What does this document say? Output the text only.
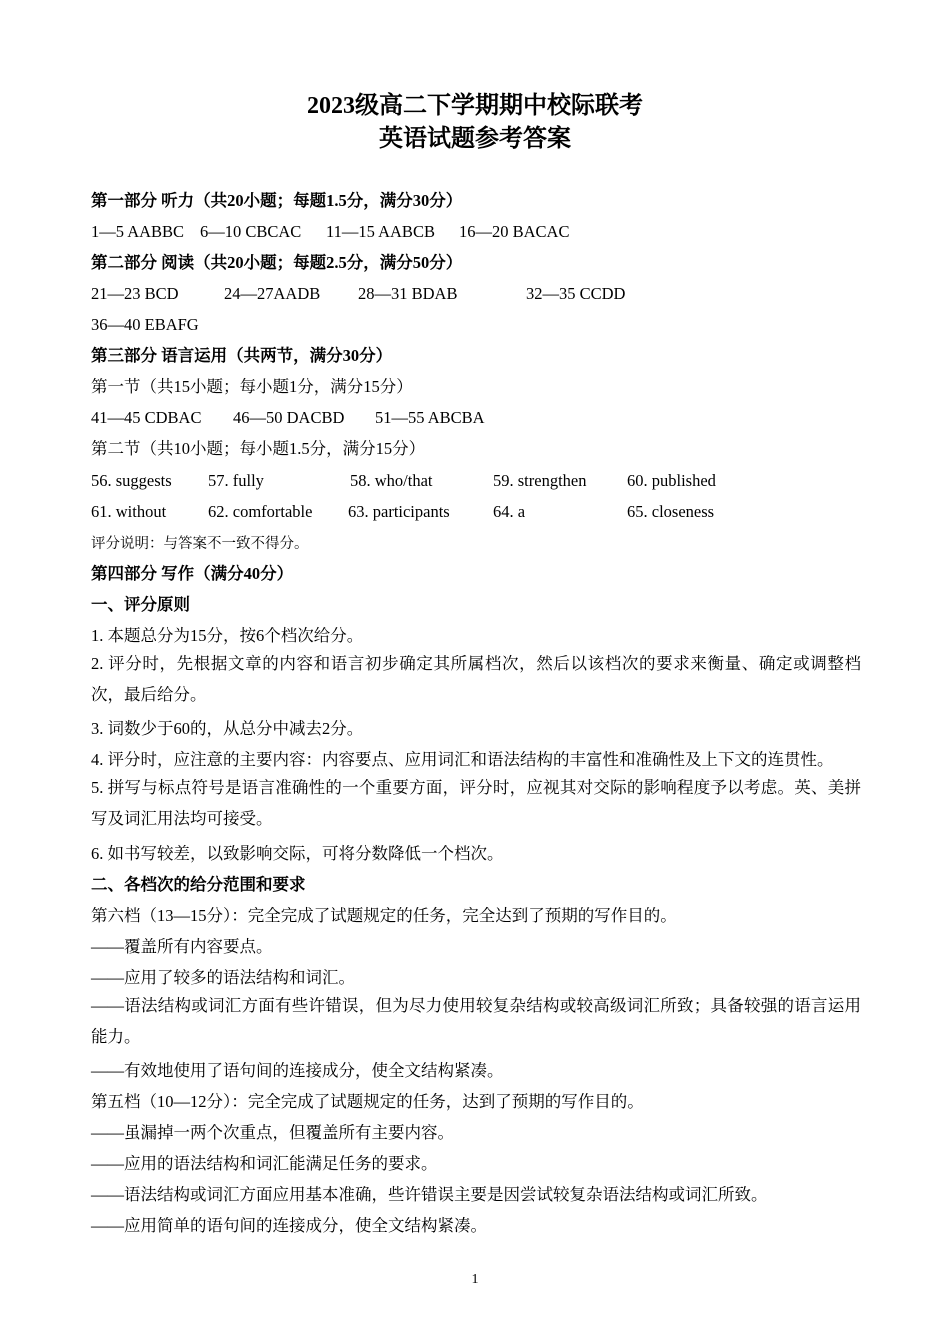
2023级高二下学期期中校际联考
英语试题参考答案
第一部分 听力（共20小题；每题1.5分，满分30分）
1—5 AABBC 6—10 CBCAC 11—15 AABCB 16—20 BACAC
第二部分 阅读（共20小题；每题2.5分，满分50分）
21—23 BCD	24—27AADB 28—31 BDAB	32—35 CCDD
36—40 EBAFG
第三部分 语言运用（共两节，满分30分）
第一节（共15小题；每小题1分，满分15分）
41—45 CDBAC 46—50 DACBD 51—55 ABCBA
第二节（共10小题；每小题1.5分，满分15分）
56. suggests 57. fully	58. who/that	59. strengthen 60. published
61. without	62. comfortable 63. participants	64. a	65. closeness
评分说明：与答案不一致不得分。
第四部分 写作（满分40分）
一、评分原则
1. 本题总分为15分，按6个档次给分。
2. 评分时，先根据文章的内容和语言初步确定其所属档次，然后以该档次的要求来衡量、确定或调整档次，最后给分。
3. 词数少于60的，从总分中减去2分。
4. 评分时，应注意的主要内容：内容要点、应用词汇和语法结构的丰富性和准确性及上下文的连贯性。
5. 拼写与标点符号是语言准确性的一个重要方面，评分时，应视其对交际的影响程度予以考虑。英、美拼写及词汇用法均可接受。
6. 如书写较差，以致影响交际，可将分数降低一个档次。
二、各档次的给分范围和要求
第六档（13—15分）：完全完成了试题规定的任务，完全达到了预期的写作目的。
——覆盖所有内容要点。
——应用了较多的语法结构和词汇。
——语法结构或词汇方面有些许错误，但为尽力使用较复杂结构或较高级词汇所致；具备较强的语言运用能力。
——有效地使用了语句间的连接成分，使全文结构紧凑。
第五档（10—12分）：完全完成了试题规定的任务，达到了预期的写作目的。
——虽漏掉一两个次重点，但覆盖所有主要内容。
——应用的语法结构和词汇能满足任务的要求。
——语法结构或词汇方面应用基本准确，些许错误主要是因尝试较复杂语法结构或词汇所致。
——应用简单的语句间的连接成分，使全文结构紧凑。
1
